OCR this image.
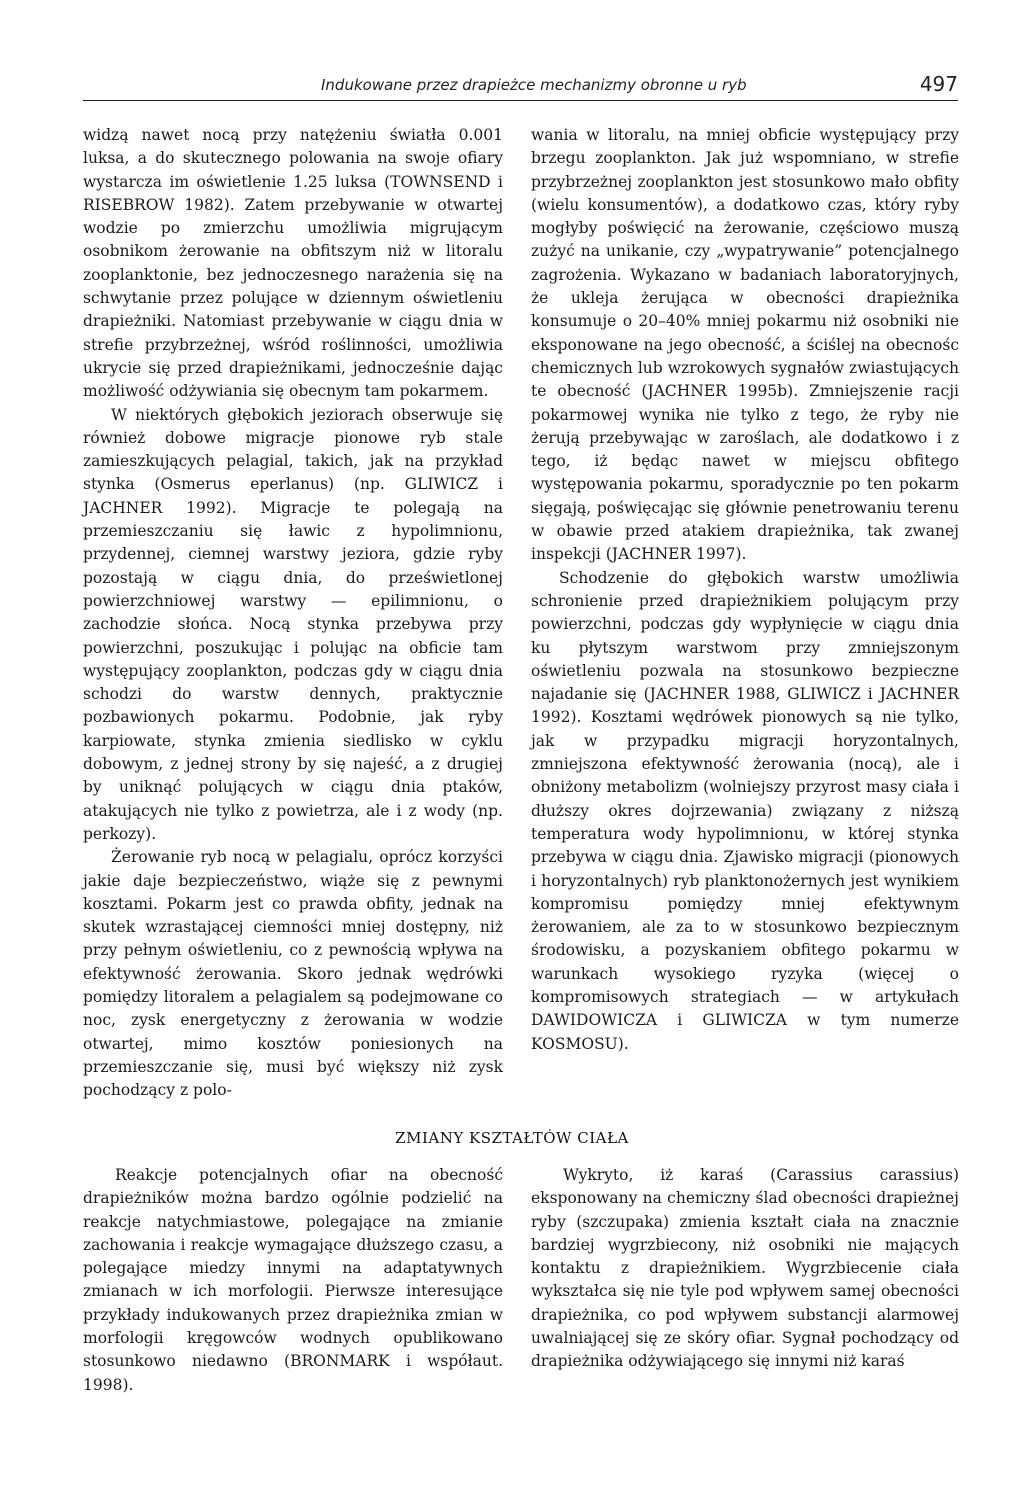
Indukowane przez drapieżce mechanizmy obronne u ryb	497

widzą nawet nocą przy natężeniu światła 0.001 luksa, a do skutecznego polowania na swoje ofiary wystarcza im oświetlenie 1.25 luksa (TOWNSEND i RISEBROW 1982). Zatem przebywanie w otwartej wodzie po zmierzchu umożliwia migrującym osobnikom żerowanie na obfitszym niż w litoralu zooplanktonie, bez jednoczesnego narażenia się na schwytanie przez polujące w dziennym oświetleniu drapieżniki. Natomiast przebywanie w ciągu dnia w strefie przybrzeżnej, wśród roślinności, umożliwia ukrycie się przed drapieżnikami, jednocześnie dając możliwość odżywiania się obecnym tam pokarmem.

W niektórych głębokich jeziorach obserwuje się również dobowe migracje pionowe ryb stale zamieszkujących pelagial, takich, jak na przykład stynka (Osmerus eperlanus) (np. GLIWICZ i JACHNER 1992). Migracje te polegają na przemieszczaniu się ławic z hypolimnionu, przydennej, ciemnej warstwy jeziora, gdzie ryby pozostają w ciągu dnia, do prześwietlonej powierzchniowej warstwy — epilimnionu, o zachodzie słońca. Nocą stynka przebywa przy powierzchni, poszukując i polując na obficie tam występujący zooplankton, podczas gdy w ciągu dnia schodzi do warstw dennych, praktycznie pozbawionych pokarmu. Podobnie, jak ryby karpiowate, stynka zmienia siedlisko w cyklu dobowym, z jednej strony by się najeść, a z drugiej by uniknąć polujących w ciągu dnia ptaków, atakujących nie tylko z powietrza, ale i z wody (np. perkozy).

Żerowanie ryb nocą w pelagialu, oprócz korzyści jakie daje bezpieczeństwo, wiąże się z pewnymi kosztami. Pokarm jest co prawda obfity, jednak na skutek wzrastającej ciemności mniej dostępny, niż przy pełnym oświetleniu, co z pewnością wpływa na efektywność żerowania. Skoro jednak wędrówki pomiędzy litoralem a pelagialem są podejmowane co noc, zysk energetyczny z żerowania w wodzie otwartej, mimo kosztów poniesionych na przemieszczanie się, musi być większy niż zysk pochodzący z polo-

wania w litoralu, na mniej obficie występujący przy brzegu zooplankton. Jak już wspomniano, w strefie przybrzeżnej zooplankton jest stosunkowo mało obfity (wielu konsumentów), a dodatkowo czas, który ryby mogłyby poświęcić na żerowanie, częściowo muszą zużyć na unikanie, czy „wypatrywanie” potencjalnego zagrożenia. Wykazano w badaniach laboratoryjnych, że ukleja żerująca w obecności drapieżnika konsumuje o 20–40% mniej pokarmu niż osobniki nie eksponowane na jego obecność, a ściślej na obecnośc chemicznych lub wzrokowych sygnałów zwiastujących te obecność (JACHNER 1995b). Zmniejszenie racji pokarmowej wynika nie tylko z tego, że ryby nie żerują przebywając w zaroślach, ale dodatkowo i z tego, iż będąc nawet w miejscu obfitego występowania pokarmu, sporadycznie po ten pokarm sięgają, poświęcając się głównie penetrowaniu terenu w obawie przed atakiem drapieżnika, tak zwanej inspekcji (JACHNER 1997).

Schodzenie do głębokich warstw umożliwia schronienie przed drapieżnikiem polującym przy powierzchni, podczas gdy wypłynięcie w ciągu dnia ku płytszym warstwom przy zmniejszonym oświetleniu pozwala na stosunkowo bezpieczne najadanie się (JACHNER 1988, GLIWICZ i JACHNER 1992). Kosztami wędrówek pionowych są nie tylko, jak w przypadku migracji horyzontalnych, zmniejszona efektywność żerowania (nocą), ale i obniżony metabolizm (wolniejszy przyrost masy ciała i dłuższy okres dojrzewania) związany z niższą temperatura wody hypolimnionu, w której stynka przebywa w ciągu dnia. Zjawisko migracji (pionowych i horyzontalnych) ryb planktonożernych jest wynikiem kompromisu pomiędzy mniej efektywnym żerowaniem, ale za to w stosunkowo bezpiecznym środowisku, a pozyskaniem obfitego pokarmu w warunkach wysokiego ryzyka (więcej o kompromisowych strategiach — w artykułach DAWIDOWICZA i GLIWICZA w tym numerze KOSMOSU).

ZMIANY KSZTAŁTÓW CIAŁA

Reakcje potencjalnych ofiar na obecność drapieżników można bardzo ogólnie podzielić na reakcje natychmiastowe, polegające na zmianie zachowania i reakcje wymagające dłuższego czasu, a polegające miedzy innymi na adaptatywnych zmianach w ich morfologii. Pierwsze interesujące przykłady indukowanych przez drapieżnika zmian w morfologii kręgowców wodnych opublikowano stosunkowo niedawno (BRONMARK i współaut. 1998).

Wykryto, iż karaś (Carassius carassius) eksponowany na chemiczny ślad obecności drapieżnej ryby (szczupaka) zmienia kształt ciała na znacznie bardziej wygrzbiecony, niż osobniki nie mających kontaktu z drapieżnikiem. Wygrzbiecenie ciała wykształca się nie tyle pod wpływem samej obecności drapieżnika, co pod wpływem substancji alarmowej uwalniającej się ze skóry ofiar. Sygnał pochodzący od drapieżnika odżywiającego się innymi niż karaś
